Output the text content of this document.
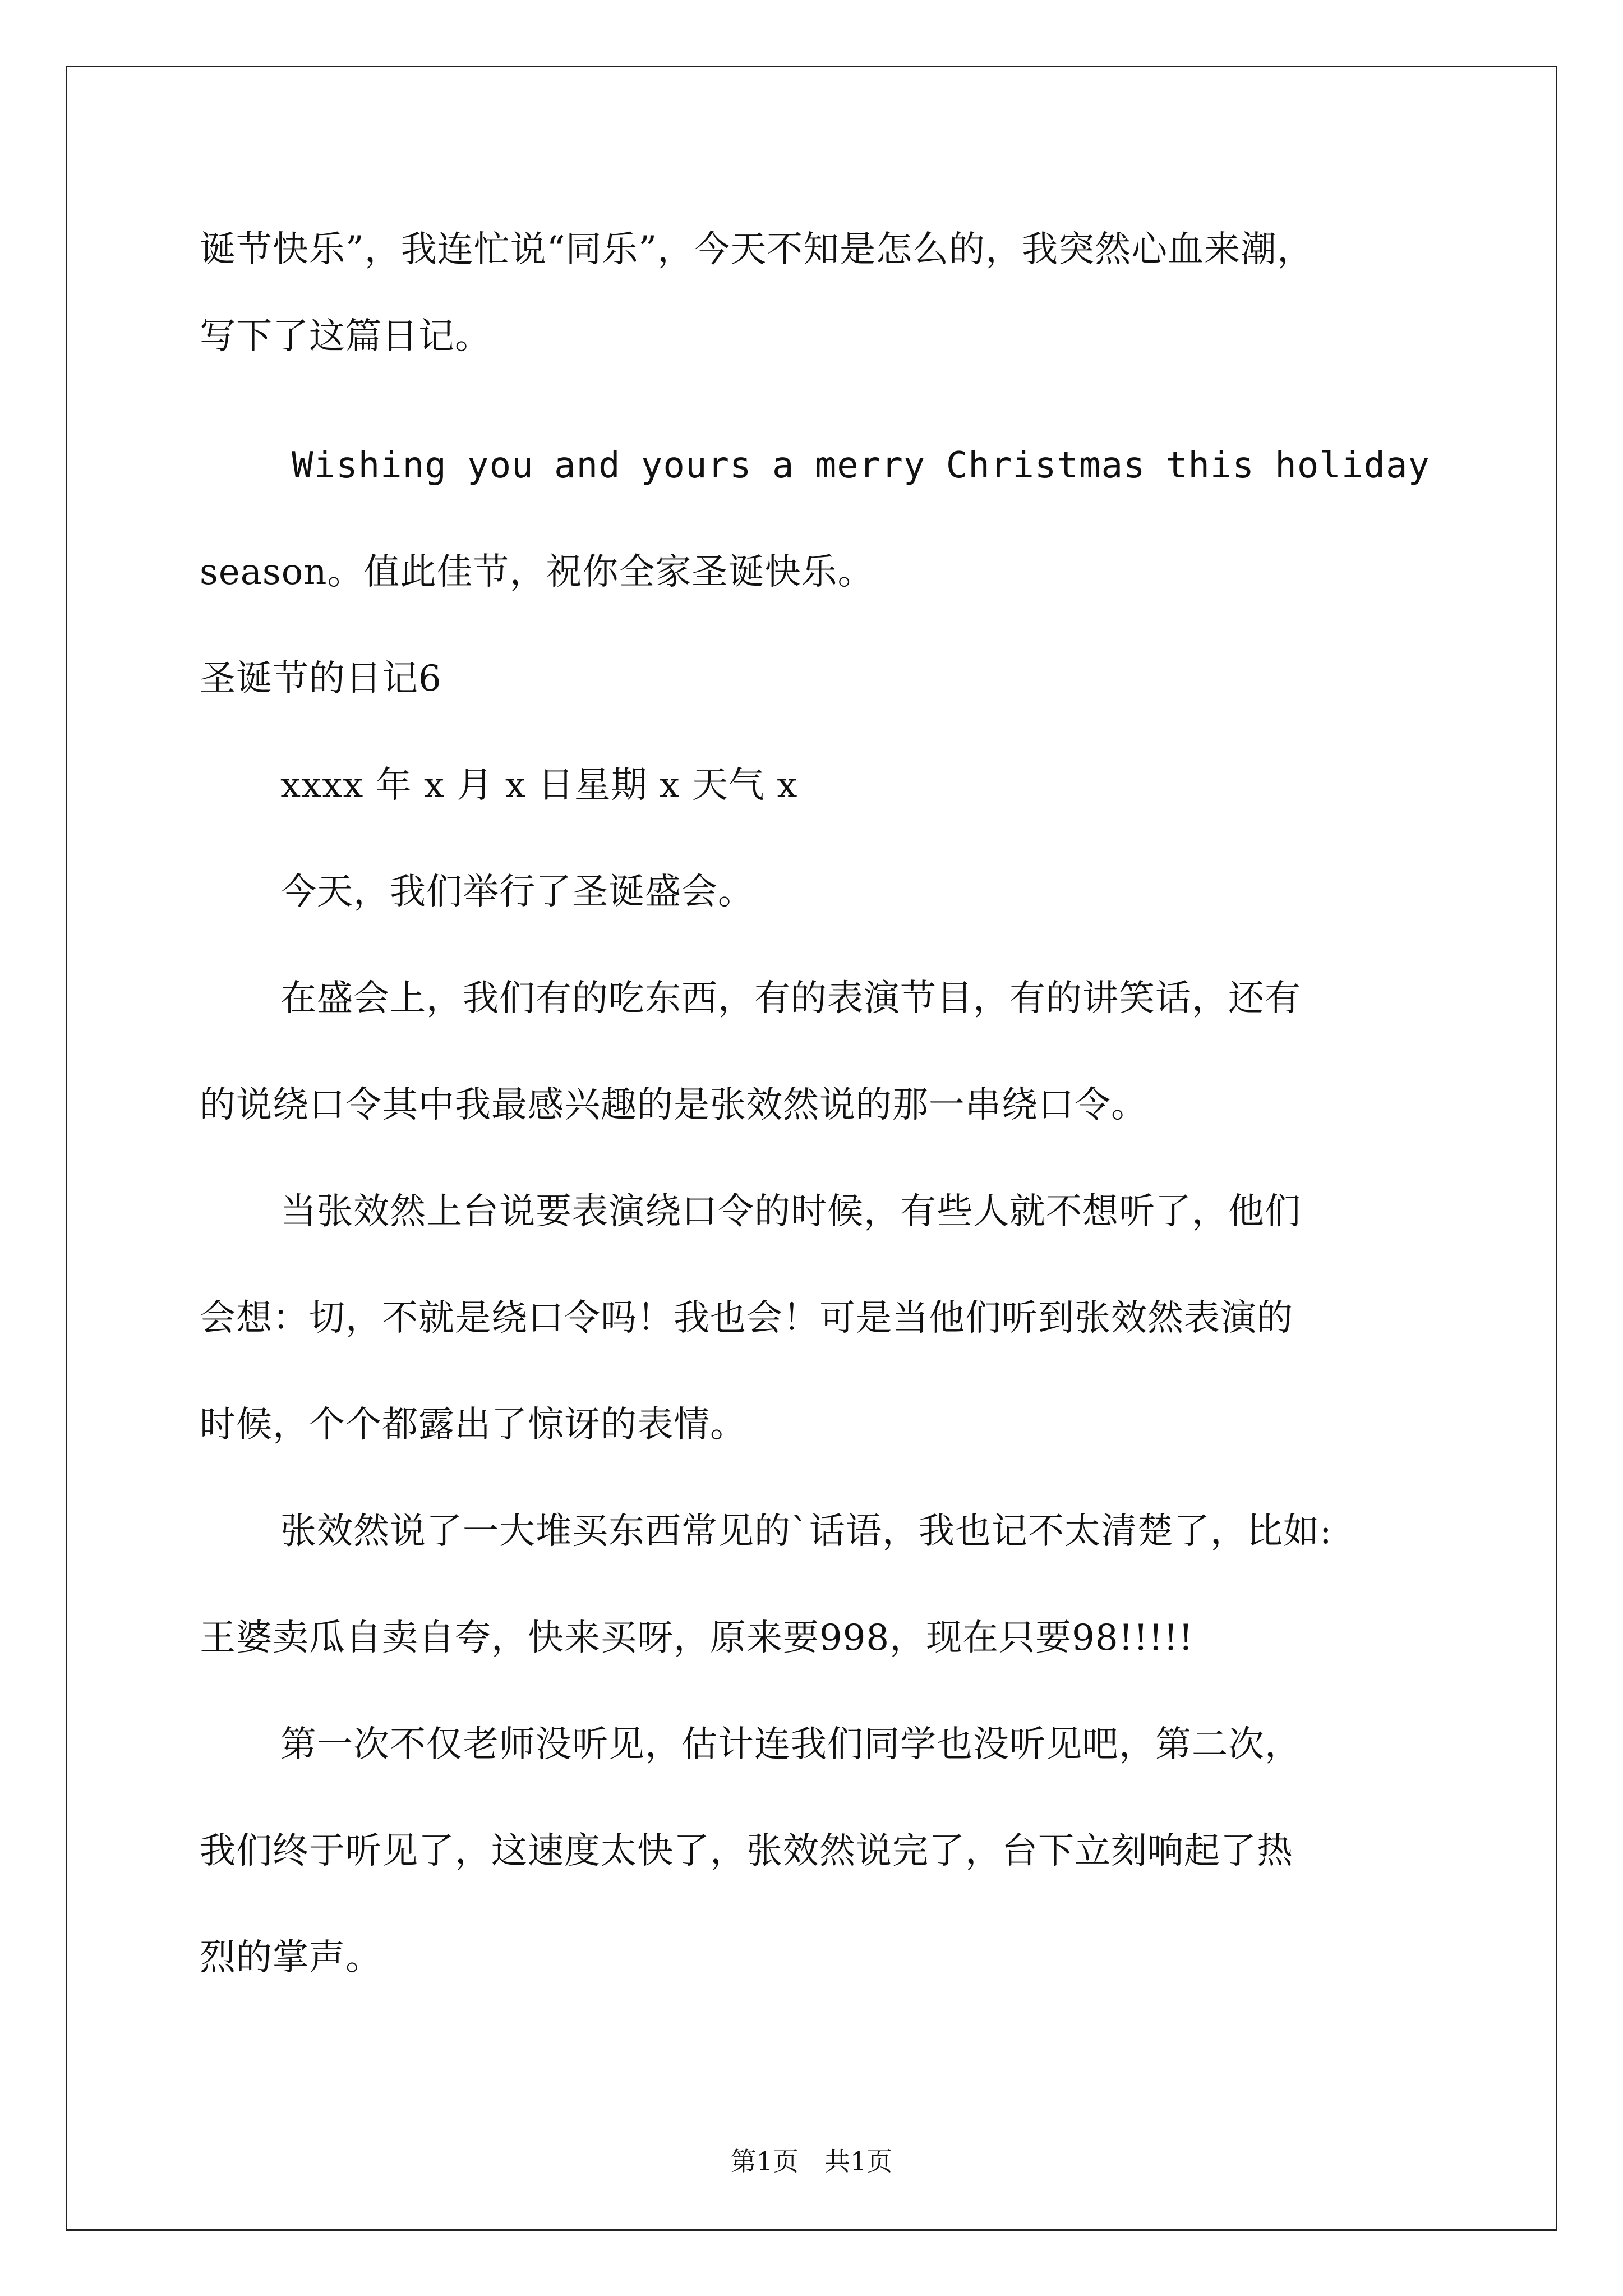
诞节快乐”，我连忙说“同乐”，今天不知是怎么的，我突然心血来潮，
写下了这篇日记。
Wishing you and yours a merry Christmas this holiday
season。值此佳节，祝你全家圣诞快乐。
圣诞节的日记6
xxxx 年 x 月 x 日星期 x 天气 x
今天，我们举行了圣诞盛会。
在盛会上，我们有的吃东西，有的表演节目，有的讲笑话，还有
的说绕口令其中我最感兴趣的是张效然说的那一串绕口令。
当张效然上台说要表演绕口令的时候，有些人就不想听了，他们
会想：切，不就是绕口令吗！我也会！可是当他们听到张效然表演的
时候，个个都露出了惊讶的表情。
张效然说了一大堆买东西常见的`话语，我也记不太清楚了，比如:
王婆卖瓜自卖自夸，快来买呀，原来要998，现在只要98!!!!!
第一次不仅老师没听见，估计连我们同学也没听见吧，第二次，
我们终于听见了，这速度太快了，张效然说完了，台下立刻响起了热
烈的掌声。
第1页　共1页
